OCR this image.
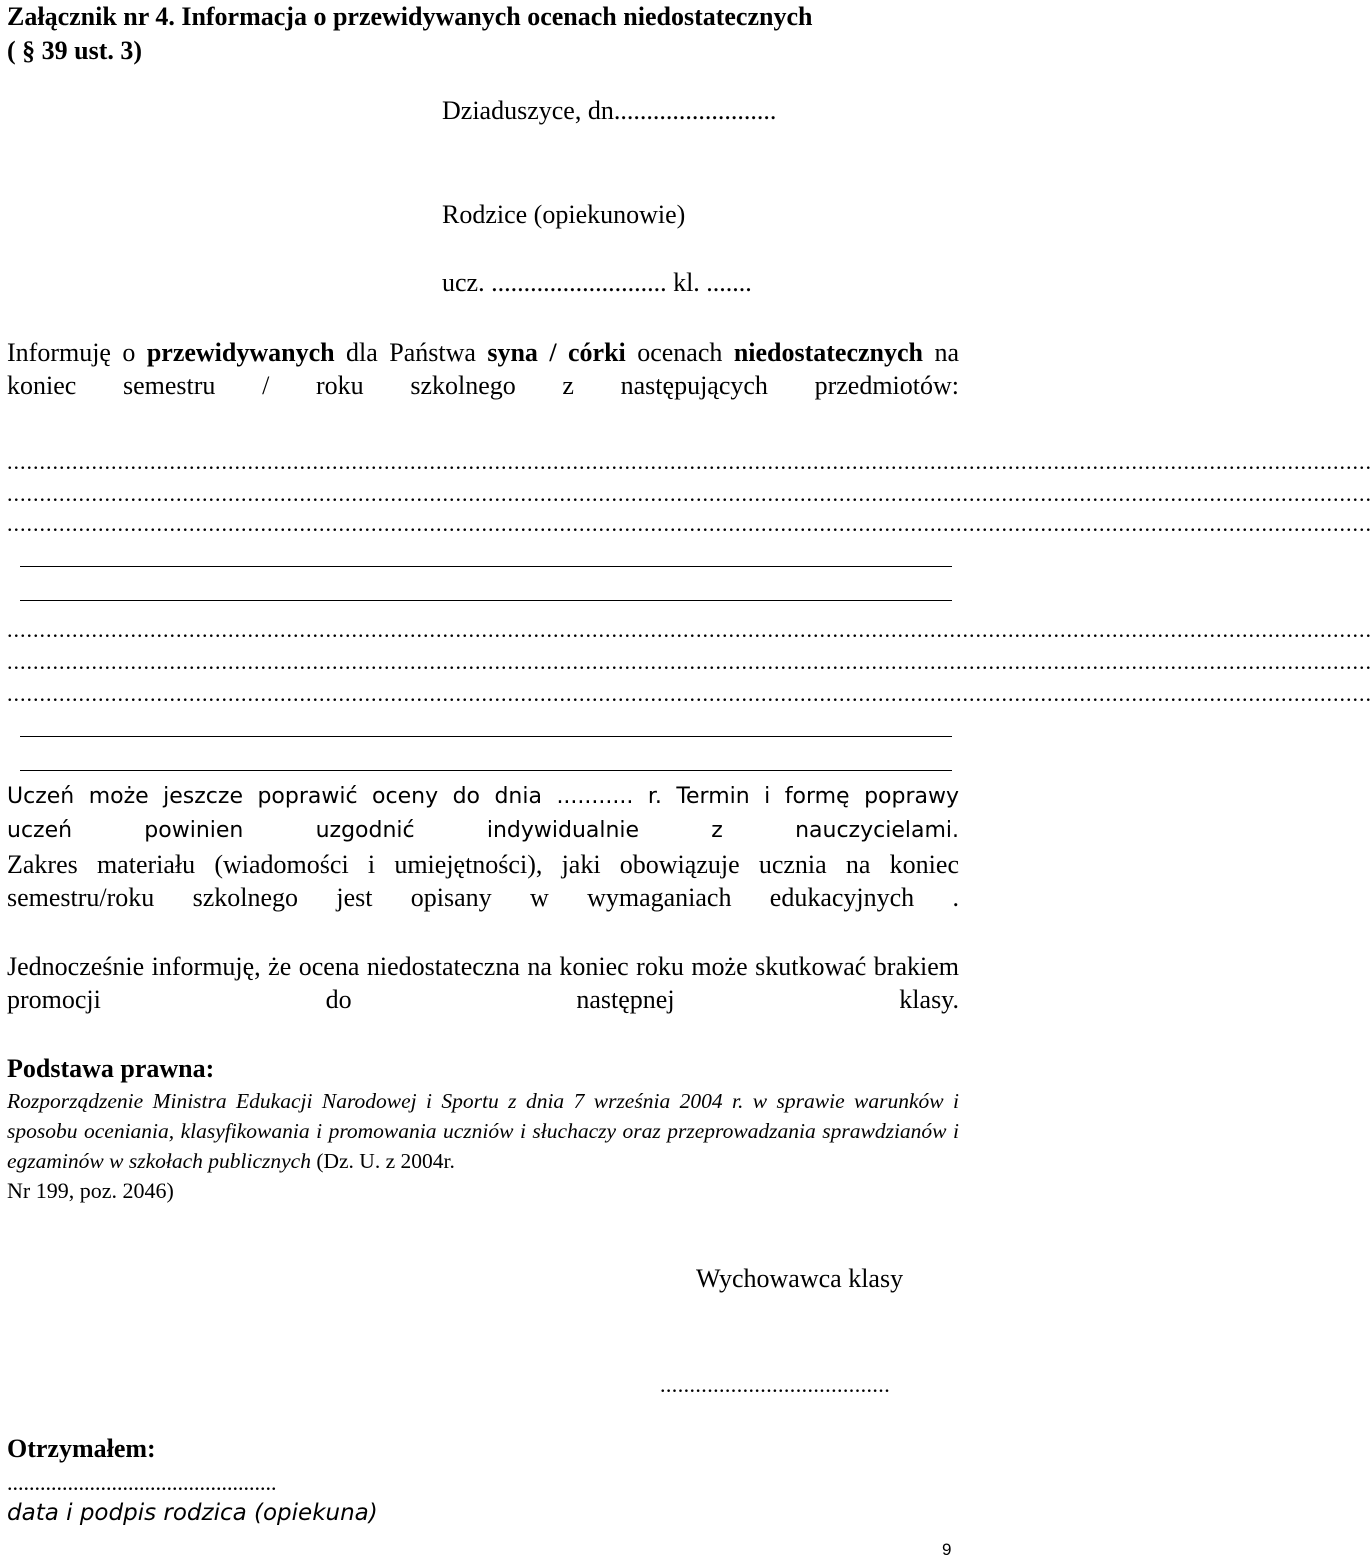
Załącznik nr 4. Informacja o przewidywanych ocenach niedostatecznych
( § 39 ust. 3)
Dziaduszyce, dn.........................
Rodzice (opiekunowie)
ucz. ........................... kl. .......
Informuję o przewidywanych dla Państwa syna / córki ocenach niedostatecznych na koniec semestru / roku szkolnego z następujących przedmiotów:
..................................................................................................................................................................................................................
..................................................................................................................................................................................................................
..................................................................................................................................................................................................................
..................................................................................................................................................................................................................
..................................................................................................................................................................................................................
..................................................................................................................................................................................................................
Uczeń może jeszcze poprawić oceny do dnia ........... r. Termin i formę poprawy uczeń powinien uzgodnić indywidualnie z nauczycielami.
Zakres materiału (wiadomości i umiejętności), jaki obowiązuje ucznia na koniec semestru/roku szkolnego jest opisany w wymaganiach edukacyjnych .
Jednocześnie informuję, że ocena niedostateczna na koniec roku może skutkować brakiem promocji do następnej klasy.
Podstawa prawna:
Rozporządzenie Ministra Edukacji Narodowej i Sportu z dnia 7 września 2004 r. w sprawie warunków i sposobu oceniania, klasyfikowania i promowania uczniów i słuchaczy oraz przeprowadzania sprawdzianów i egzaminów w szkołach publicznych (Dz. U. z 2004r.
Nr 199, poz. 2046)
Wychowawca klasy
.......................................
Otrzymałem:
.................................................
data i podpis rodzica (opiekuna)
9
